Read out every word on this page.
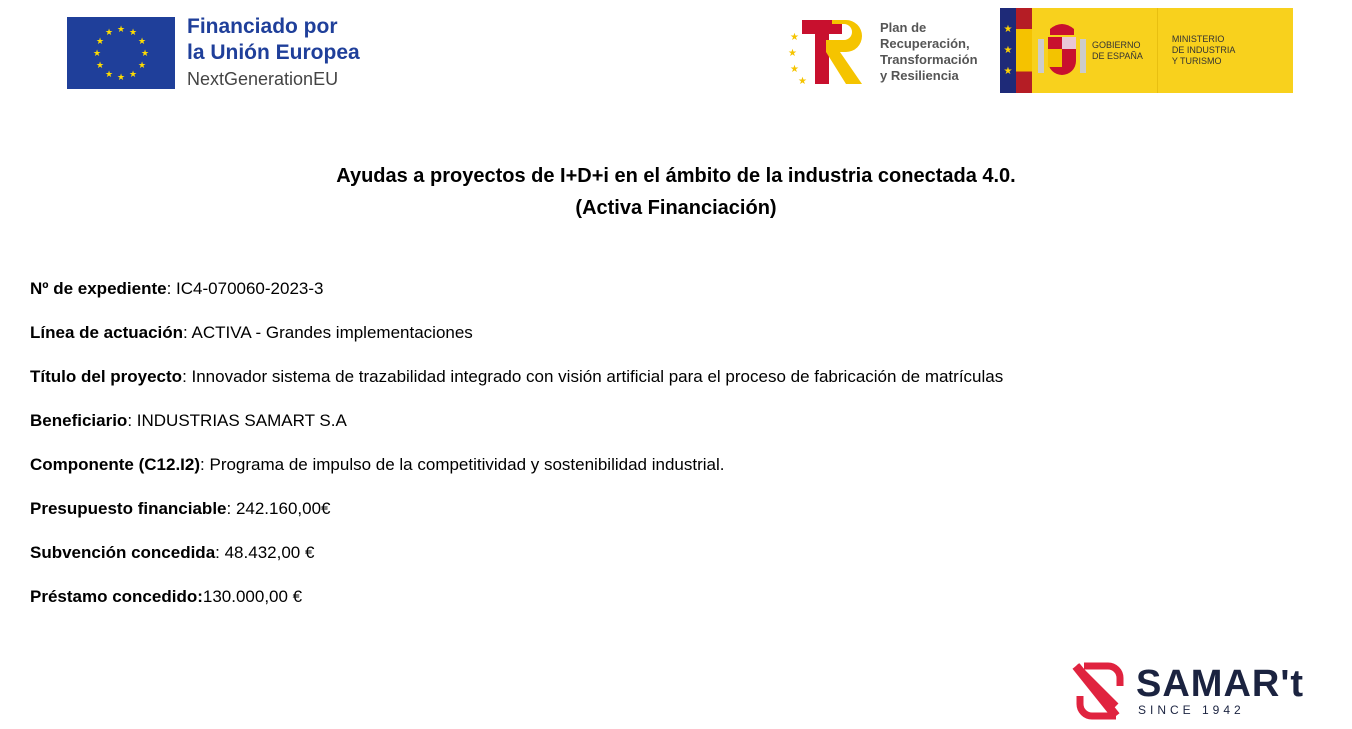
★ ★
★
★
★
★
★
★
★
★
★
★	Financiado por
la Unión Europea
NextGenerationEU
★
★
★
★
Plan de
Recuperación,
Transformación
y Resiliencia
★
★
★
GOBIERNO
DE ESPAÑA
MINISTERIO
DE INDUSTRIA
Y TURISMO
Ayudas a proyectos de I+D+i en el ámbito de la industria conectada 4.0.
(Activa Financiación)
Nº de expediente: IC4-070060-2023-3
Línea de actuación: ACTIVA - Grandes implementaciones
Título del proyecto: Innovador sistema de trazabilidad integrado con visión artificial para el proceso de fabricación de matrículas
Beneficiario: INDUSTRIAS SAMART S.A
Componente (C12.I2): Programa de impulso de la competitividad y sostenibilidad industrial.
Presupuesto financiable: 242.160,00€
Subvención concedida: 48.432,00 €
Préstamo concedido:130.000,00 €
SAMAR't
SINCE 1942
